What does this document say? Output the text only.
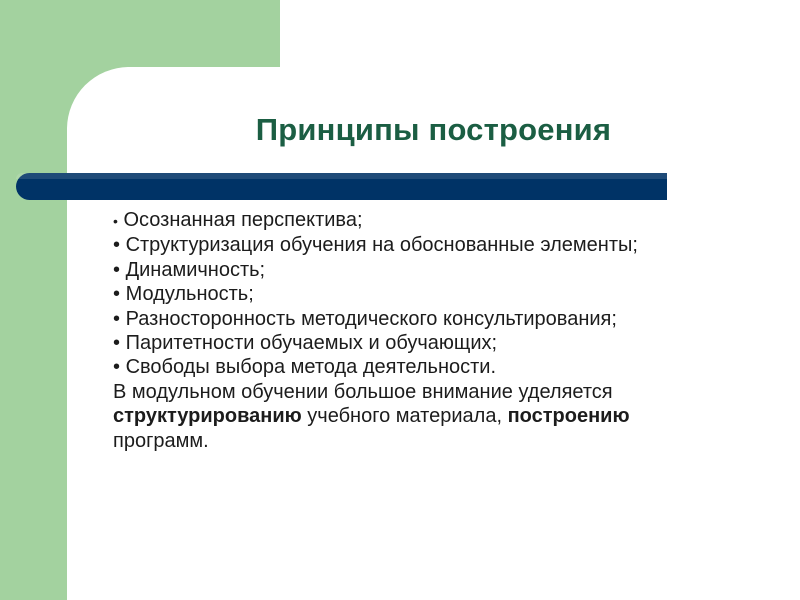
Принципы построения

• Осознанная перспектива;

• Структуризация обучения на обоснованные элементы;

• Динамичность;

• Модульность;

• Разносторонность методического консультирования;

• Паритетности обучаемых и обучающих;

• Свободы выбора метода деятельности.

В модульном обучении большое внимание уделяется структурированию учебного материала, построению программ.
